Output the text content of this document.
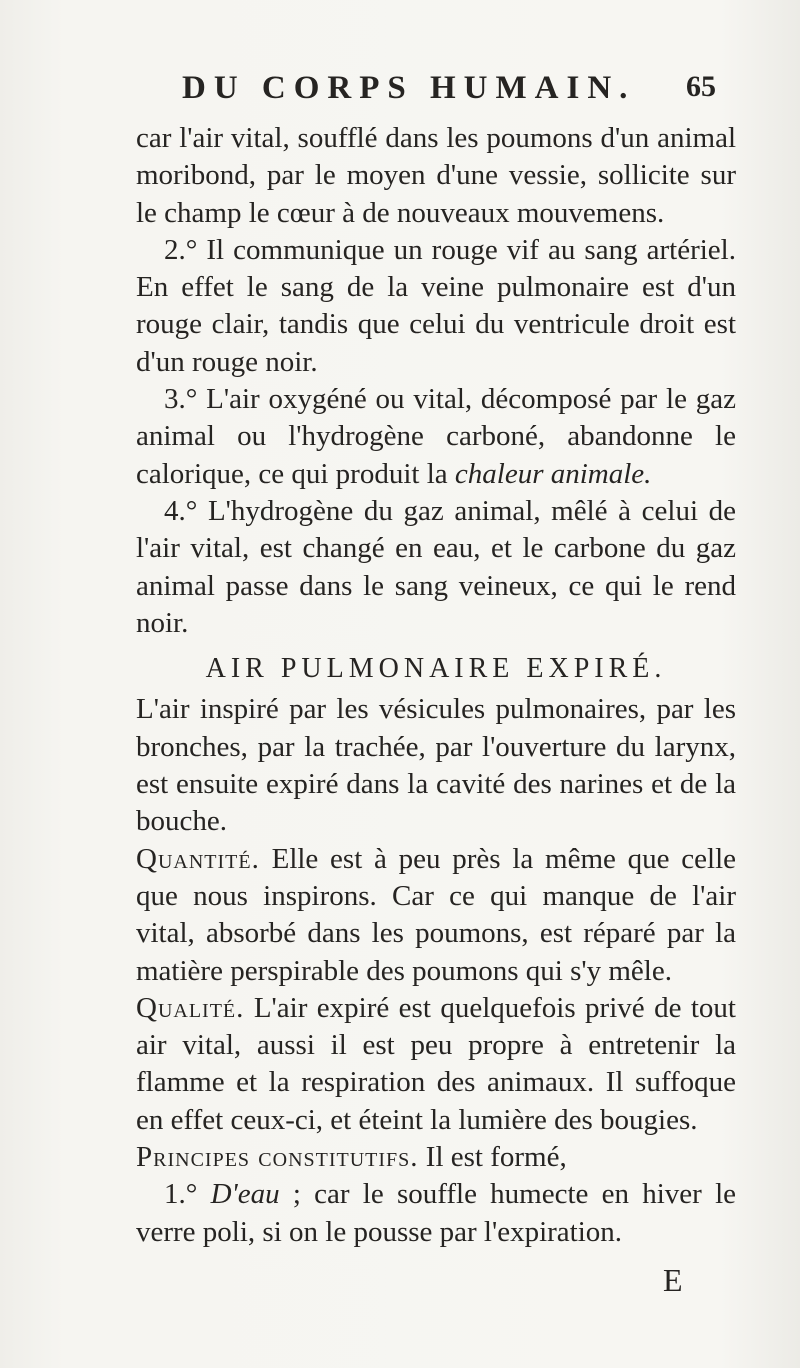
DU CORPS HUMAIN. 65

car l'air vital, soufflé dans les poumons d'un animal moribond, par le moyen d'une vessie, sollicite sur le champ le cœur à de nouveaux mouvemens.

2.° Il communique un rouge vif au sang artériel. En effet le sang de la veine pulmonaire est d'un rouge clair, tandis que celui du ventricule droit est d'un rouge noir.

3.° L'air oxygéné ou vital, décomposé par le gaz animal ou l'hydrogène carboné, abandonne le calorique, ce qui produit la chaleur animale.

4.° L'hydrogène du gaz animal, mêlé à celui de l'air vital, est changé en eau, et le carbone du gaz animal passe dans le sang veineux, ce qui le rend noir.

AIR PULMONAIRE EXPIRÉ.

L'air inspiré par les vésicules pulmonaires, par les bronches, par la trachée, par l'ouverture du larynx, est ensuite expiré dans la cavité des narines et de la bouche.

Quantité. Elle est à peu près la même que celle que nous inspirons. Car ce qui manque de l'air vital, absorbé dans les poumons, est réparé par la matière perspirable des poumons qui s'y mêle.

Qualité. L'air expiré est quelquefois privé de tout air vital, aussi il est peu propre à entretenir la flamme et la respiration des animaux. Il suffoque en effet ceux-ci, et éteint la lumière des bougies.

Principes constitutifs. Il est formé,

1.° D'eau ; car le souffle humecte en hiver le verre poli, si on le pousse par l'expiration.

E
